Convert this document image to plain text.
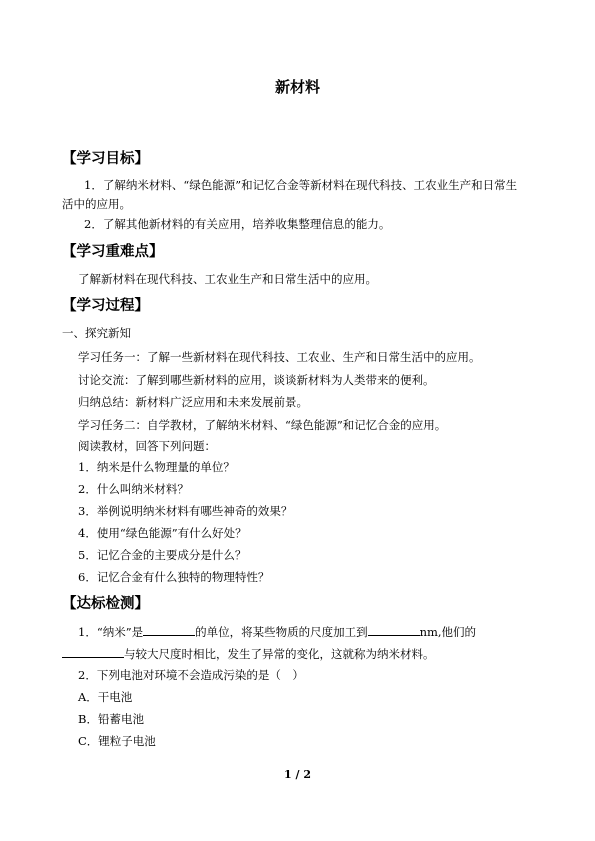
新材料
【学习目标】
1．了解纳米材料、“绿色能源”和记忆合金等新材料在现代科技、工农业生产和日常生
活中的应用。
2．了解其他新材料的有关应用，培养收集整理信息的能力。
【学习重难点】
了解新材料在现代科技、工农业生产和日常生活中的应用。
【学习过程】
一、探究新知
学习任务一：了解一些新材料在现代科技、工农业、生产和日常生活中的应用。
讨论交流：了解到哪些新材料的应用，谈谈新材料为人类带来的便利。
归纳总结：新材料广泛应用和未来发展前景。
学习任务二：自学教材，了解纳米材料、“绿色能源”和记忆合金的应用。
阅读教材，回答下列问题：
1．纳米是什么物理量的单位？
2．什么叫纳米材料？
3．举例说明纳米材料有哪些神奇的效果？
4．使用“绿色能源”有什么好处？
5．记忆合金的主要成分是什么？
6．记忆合金有什么独特的物理特性？
【达标检测】
1．“纳米”是	的单位，将某些物质的尺度加工到	nm,他们的
与较大尺度时相比，发生了异常的变化，这就称为纳米材料。
2．下列电池对环境不会造成污染的是（　）
A．干电池
B．铅蓄电池
C．锂粒子电池
1 / 2
